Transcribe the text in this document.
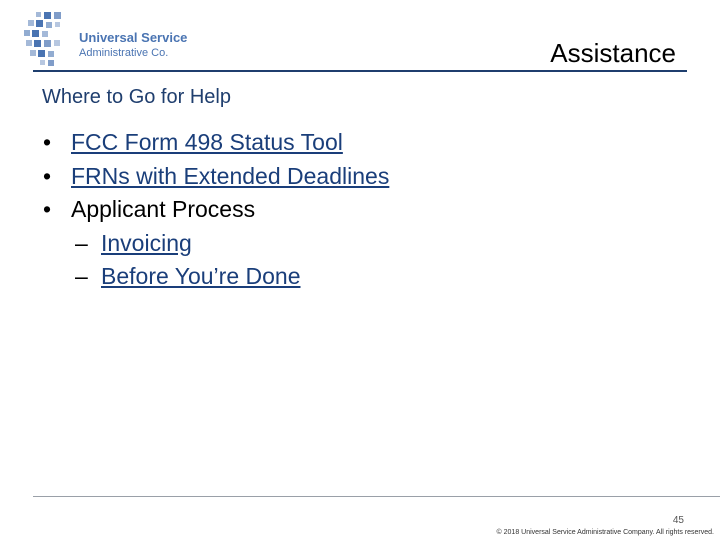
Universal Service
Administrative Co.	Assistance
Where to Go for Help
• FCC Form 498 Status Tool
• FRNs with Extended Deadlines
• Applicant Process
– Invoicing
– Before You’re Done
45
© 2018 Universal Service Administrative Company. All rights reserved.
